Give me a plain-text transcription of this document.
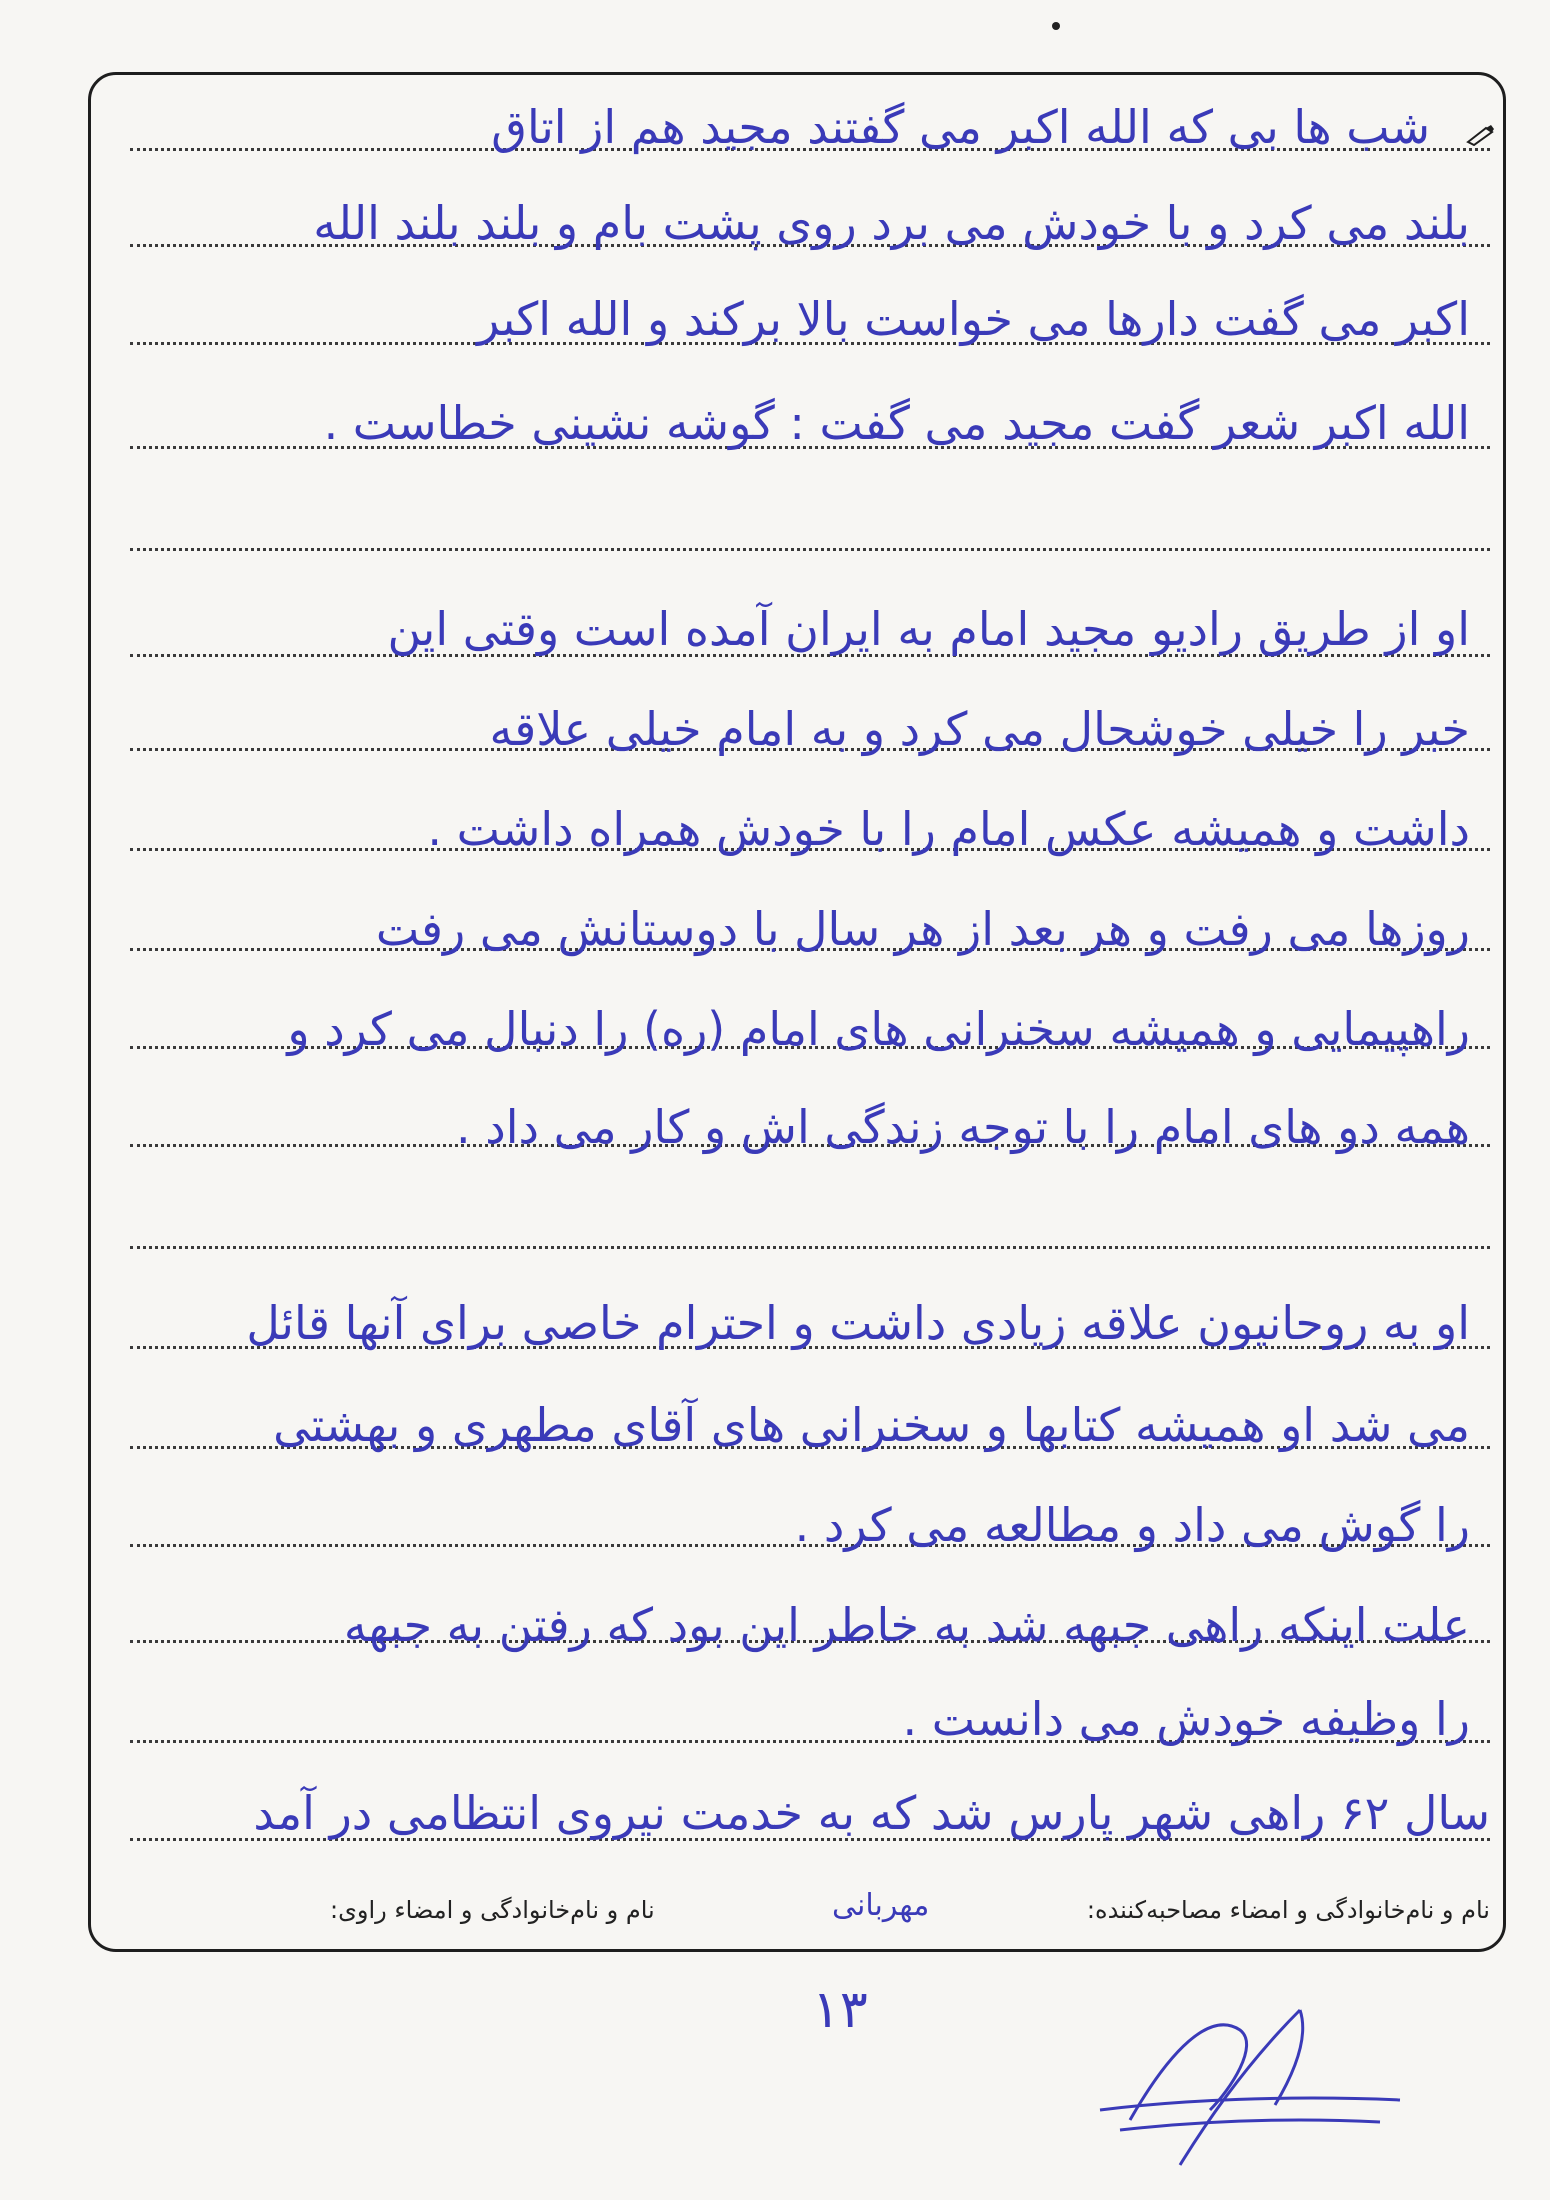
شب ها بی که الله اکبر می گفتند مجید هم از اتاق
بلند می کرد و با خودش می برد روی پشت بام و بلند بلند الله
اکبر می گفت دارها می خواست بالا برکند و الله اکبر
الله اکبر شعر گفت مجید می گفت : گوشه نشینی خطاست .
او از طریق رادیو مجید امام به ایران آمده است وقتی این
خبر را خیلی خوشحال می کرد و به امام خیلی علاقه
داشت و همیشه عکس امام را با خودش همراه داشت .
روزها می رفت و هر بعد از هر سال با دوستانش می رفت
راهپیمایی و همیشه سخنرانی های امام (ره) را دنبال می کرد و
همه دو های امام را با توجه زندگی اش و کار می داد .
او به روحانیون علاقه زیادی داشت و احترام خاصی برای آنها قائل
می شد او همیشه کتابها و سخنرانی های آقای مطهری و بهشتی
را گوش می داد و مطالعه می کرد .
علت اینکه راهی جبهه شد به خاطر این بود که رفتن به جبهه
را وظیفه خودش می دانست .
سال ۶۲ راهی شهر پارس شد که به خدمت نیروی انتظامی در آمد
نام و نام‌خانوادگی و امضاء مصاحبه‌کننده:
مهربانی
نام و نام‌خانوادگی و امضاء راوی:
۱۳
